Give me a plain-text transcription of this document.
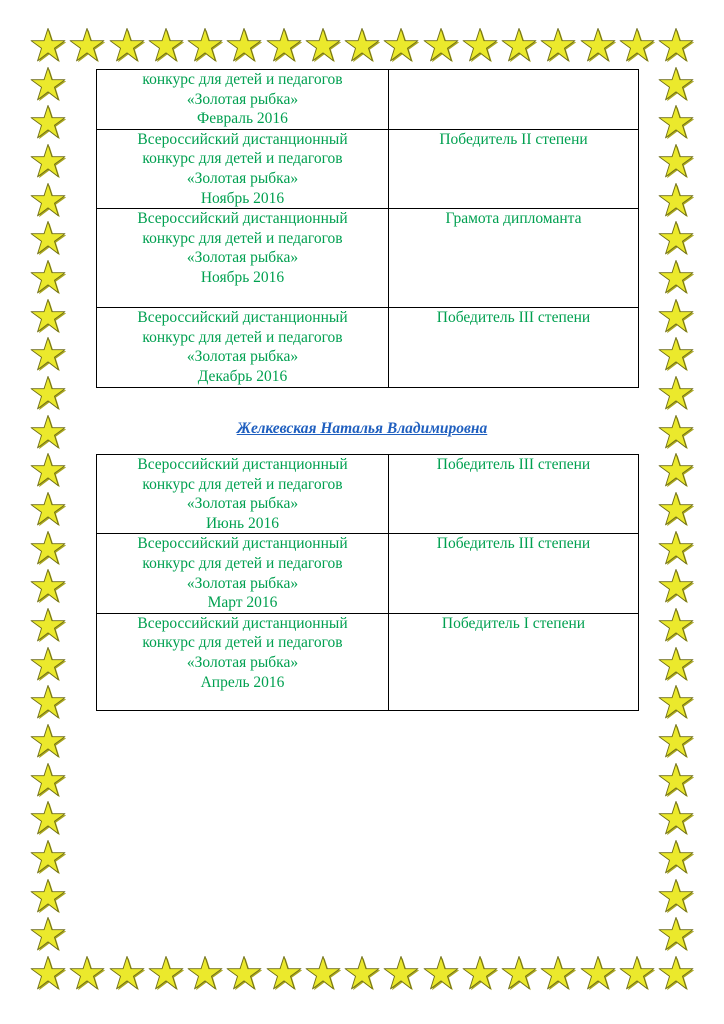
конкурс для детей и педагогов
«Золотая рыбка»
Февраль 2016	

Всероссийский дистанционный
конкурс для детей и педагогов
«Золотая рыбка»
Ноябрь 2016	Победитель II степени

Всероссийский дистанционный
конкурс для детей и педагогов
«Золотая рыбка»
Ноябрь 2016	Грамота дипломанта

Всероссийский дистанционный
конкурс для детей и педагогов
«Золотая рыбка»
Декабрь 2016	Победитель III степени

Желкевская Наталья Владимировна

Всероссийский дистанционный
конкурс для детей и педагогов
«Золотая рыбка»
Июнь 2016	Победитель III степени

Всероссийский дистанционный
конкурс для детей и педагогов
«Золотая рыбка»
Март 2016	Победитель III степени

Всероссийский дистанционный
конкурс для детей и педагогов
«Золотая рыбка»
Апрель 2016	Победитель I степени
